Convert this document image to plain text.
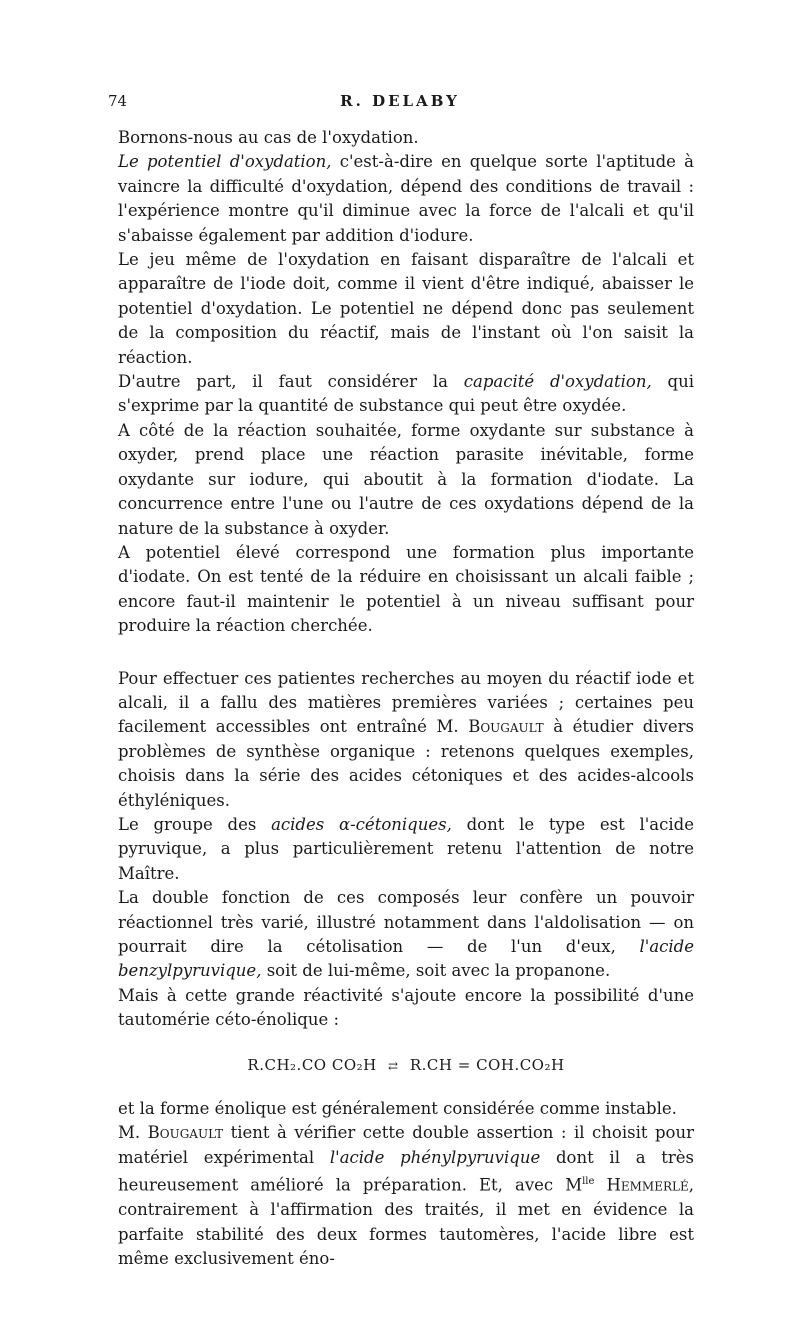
74	R. DELABY

Bornons-nous au cas de l'oxydation.

Le potentiel d'oxydation, c'est-à-dire en quelque sorte l'aptitude à vaincre la difficulté d'oxydation, dépend des conditions de travail : l'expérience montre qu'il diminue avec la force de l'alcali et qu'il s'abaisse également par addition d'iodure.

Le jeu même de l'oxydation en faisant disparaître de l'alcali et apparaître de l'iode doit, comme il vient d'être indiqué, abaisser le potentiel d'oxydation. Le potentiel ne dépend donc pas seulement de la composition du réactif, mais de l'instant où l'on saisit la réaction.

D'autre part, il faut considérer la capacité d'oxydation, qui s'exprime par la quantité de substance qui peut être oxydée.

A côté de la réaction souhaitée, forme oxydante sur substance à oxyder, prend place une réaction parasite inévitable, forme oxydante sur iodure, qui aboutit à la formation d'iodate. La concurrence entre l'une ou l'autre de ces oxydations dépend de la nature de la substance à oxyder.

A potentiel élevé correspond une formation plus importante d'iodate. On est tenté de la réduire en choisissant un alcali faible ; encore faut-il maintenir le potentiel à un niveau suffisant pour produire la réaction cherchée.

Pour effectuer ces patientes recherches au moyen du réactif iode et alcali, il a fallu des matières premières variées ; certaines peu facilement accessibles ont entraîné M. Bougault à étudier divers problèmes de synthèse organique : retenons quelques exemples, choisis dans la série des acides cétoniques et des acides-alcools éthyléniques.

Le groupe des acides α-cétoniques, dont le type est l'acide pyruvique, a plus particulièrement retenu l'attention de notre Maître.

La double fonction de ces composés leur confère un pouvoir réactionnel très varié, illustré notamment dans l'aldolisation — on pourrait dire la cétolisation — de l'un d'eux, l'acide benzylpyruvique, soit de lui-même, soit avec la propanone.

Mais à cette grande réactivité s'ajoute encore la possibilité d'une tautomérie céto-énolique :

R.CH₂.CO CO₂H ⇄ R.CH = COH.CO₂H

et la forme énolique est généralement considérée comme instable.

M. Bougault tient à vérifier cette double assertion : il choisit pour matériel expérimental l'acide phénylpyruvique dont il a très heureusement amélioré la préparation. Et, avec $M^{lle}$ Hemmerlé, contrairement à l'affirmation des traités, il met en évidence la parfaite stabilité des deux formes tautomères, l'acide libre est même exclusivement éno-
